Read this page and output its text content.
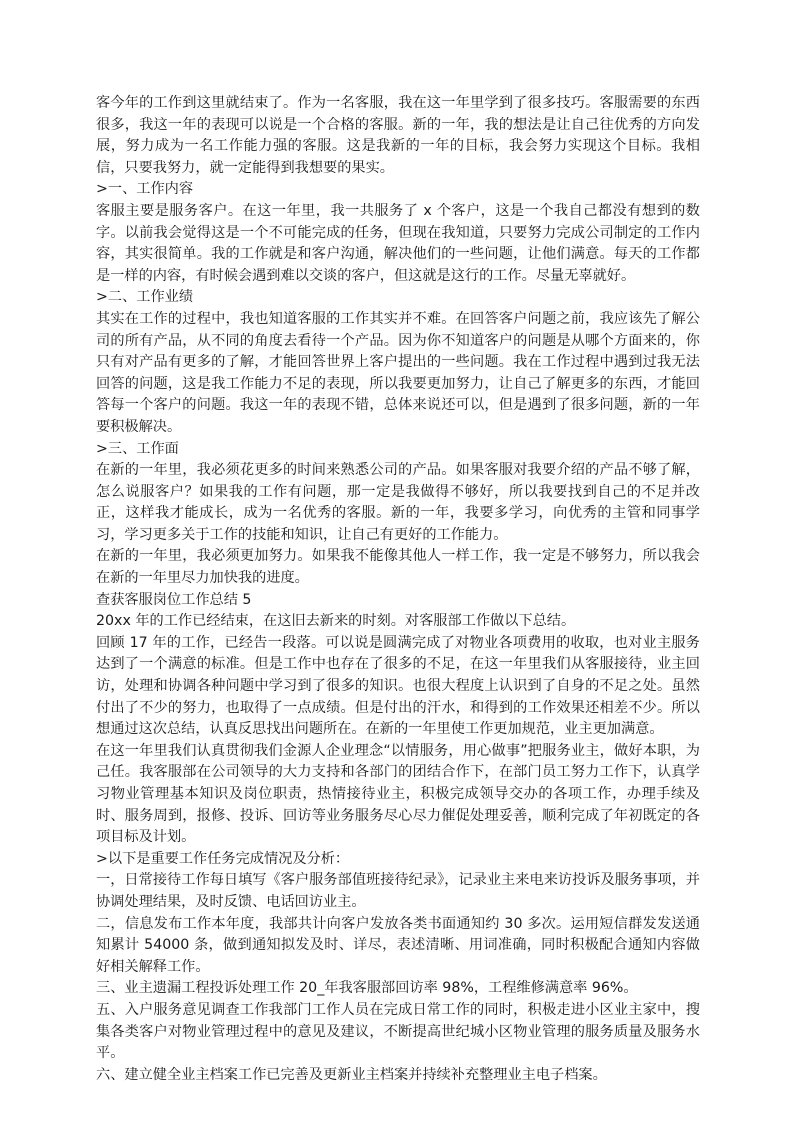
客今年的工作到这里就结束了。作为一名客服，我在这一年里学到了很多技巧。客服需要的东西很多，我这一年的表现可以说是一个合格的客服。新的一年，我的想法是让自己往优秀的方向发展，努力成为一名工作能力强的客服。这是我新的一年的目标，我会努力实现这个目标。我相信，只要我努力，就一定能得到我想要的果实。

>一、工作内容

客服主要是服务客户。在这一年里，我一共服务了 x 个客户，这是一个我自己都没有想到的数字。以前我会觉得这是一个不可能完成的任务，但现在我知道，只要努力完成公司制定的工作内容，其实很简单。我的工作就是和客户沟通，解决他们的一些问题，让他们满意。每天的工作都是一样的内容，有时候会遇到难以交谈的客户，但这就是这行的工作。尽量无辜就好。

>二、工作业绩

其实在工作的过程中，我也知道客服的工作其实并不难。在回答客户问题之前，我应该先了解公司的所有产品，从不同的角度去看待一个产品。因为你不知道客户的问题是从哪个方面来的，你只有对产品有更多的了解，才能回答世界上客户提出的一些问题。我在工作过程中遇到过我无法回答的问题，这是我工作能力不足的表现，所以我要更加努力，让自己了解更多的东西，才能回答每一个客户的问题。我这一年的表现不错，总体来说还可以，但是遇到了很多问题，新的一年要积极解决。

>三、工作面

在新的一年里，我必须花更多的时间来熟悉公司的产品。如果客服对我要介绍的产品不够了解，怎么说服客户？如果我的工作有问题，那一定是我做得不够好，所以我要找到自己的不足并改正，这样我才能成长，成为一名优秀的客服。新的一年，我要多学习，向优秀的主管和同事学习，学习更多关于工作的技能和知识，让自己有更好的工作能力。

在新的一年里，我必须更加努力。如果我不能像其他人一样工作，我一定是不够努力，所以我会在新的一年里尽力加快我的进度。

查获客服岗位工作总结 5

20xx 年的工作已经结束，在这旧去新来的时刻。对客服部工作做以下总结。

回顾 17 年的工作，已经告一段落。可以说是圆满完成了对物业各项费用的收取，也对业主服务达到了一个满意的标准。但是工作中也存在了很多的不足，在这一年里我们从客服接待，业主回访，处理和协调各种问题中学习到了很多的知识。也很大程度上认识到了自身的不足之处。虽然付出了不少的努力，也取得了一点成绩。但是付出的汗水，和得到的工作效果还相差不少。所以想通过这次总结，认真反思找出问题所在。在新的一年里使工作更加规范，业主更加满意。

在这一年里我们认真贯彻我们金源人企业理念“以情服务，用心做事”把服务业主，做好本职，为己任。我客服部在公司领导的大力支持和各部门的团结合作下，在部门员工努力工作下，认真学习物业管理基本知识及岗位职责，热情接待业主，积极完成领导交办的各项工作，办理手续及时、服务周到，报修、投诉、回访等业务服务尽心尽力催促处理妥善，顺利完成了年初既定的各项目标及计划。

>以下是重要工作任务完成情况及分析：

一，日常接待工作每日填写《客户服务部值班接待纪录》，记录业主来电来访投诉及服务事项，并协调处理结果，及时反馈、电话回访业主。

二，信息发布工作本年度，我部共计向客户发放各类书面通知约 30 多次。运用短信群发发送通知累计 54000 条，做到通知拟发及时、详尽，表述清晰、用词准确，同时积极配合通知内容做好相关解释工作。

三、业主遗漏工程投诉处理工作 20_年我客服部回访率 98%，工程维修满意率 96%。

五、入户服务意见调查工作我部门工作人员在完成日常工作的同时，积极走进小区业主家中，搜集各类客户对物业管理过程中的意见及建议，不断提高世纪城小区物业管理的服务质量及服务水平。

六、建立健全业主档案工作已完善及更新业主档案并持续补充整理业主电子档案。
